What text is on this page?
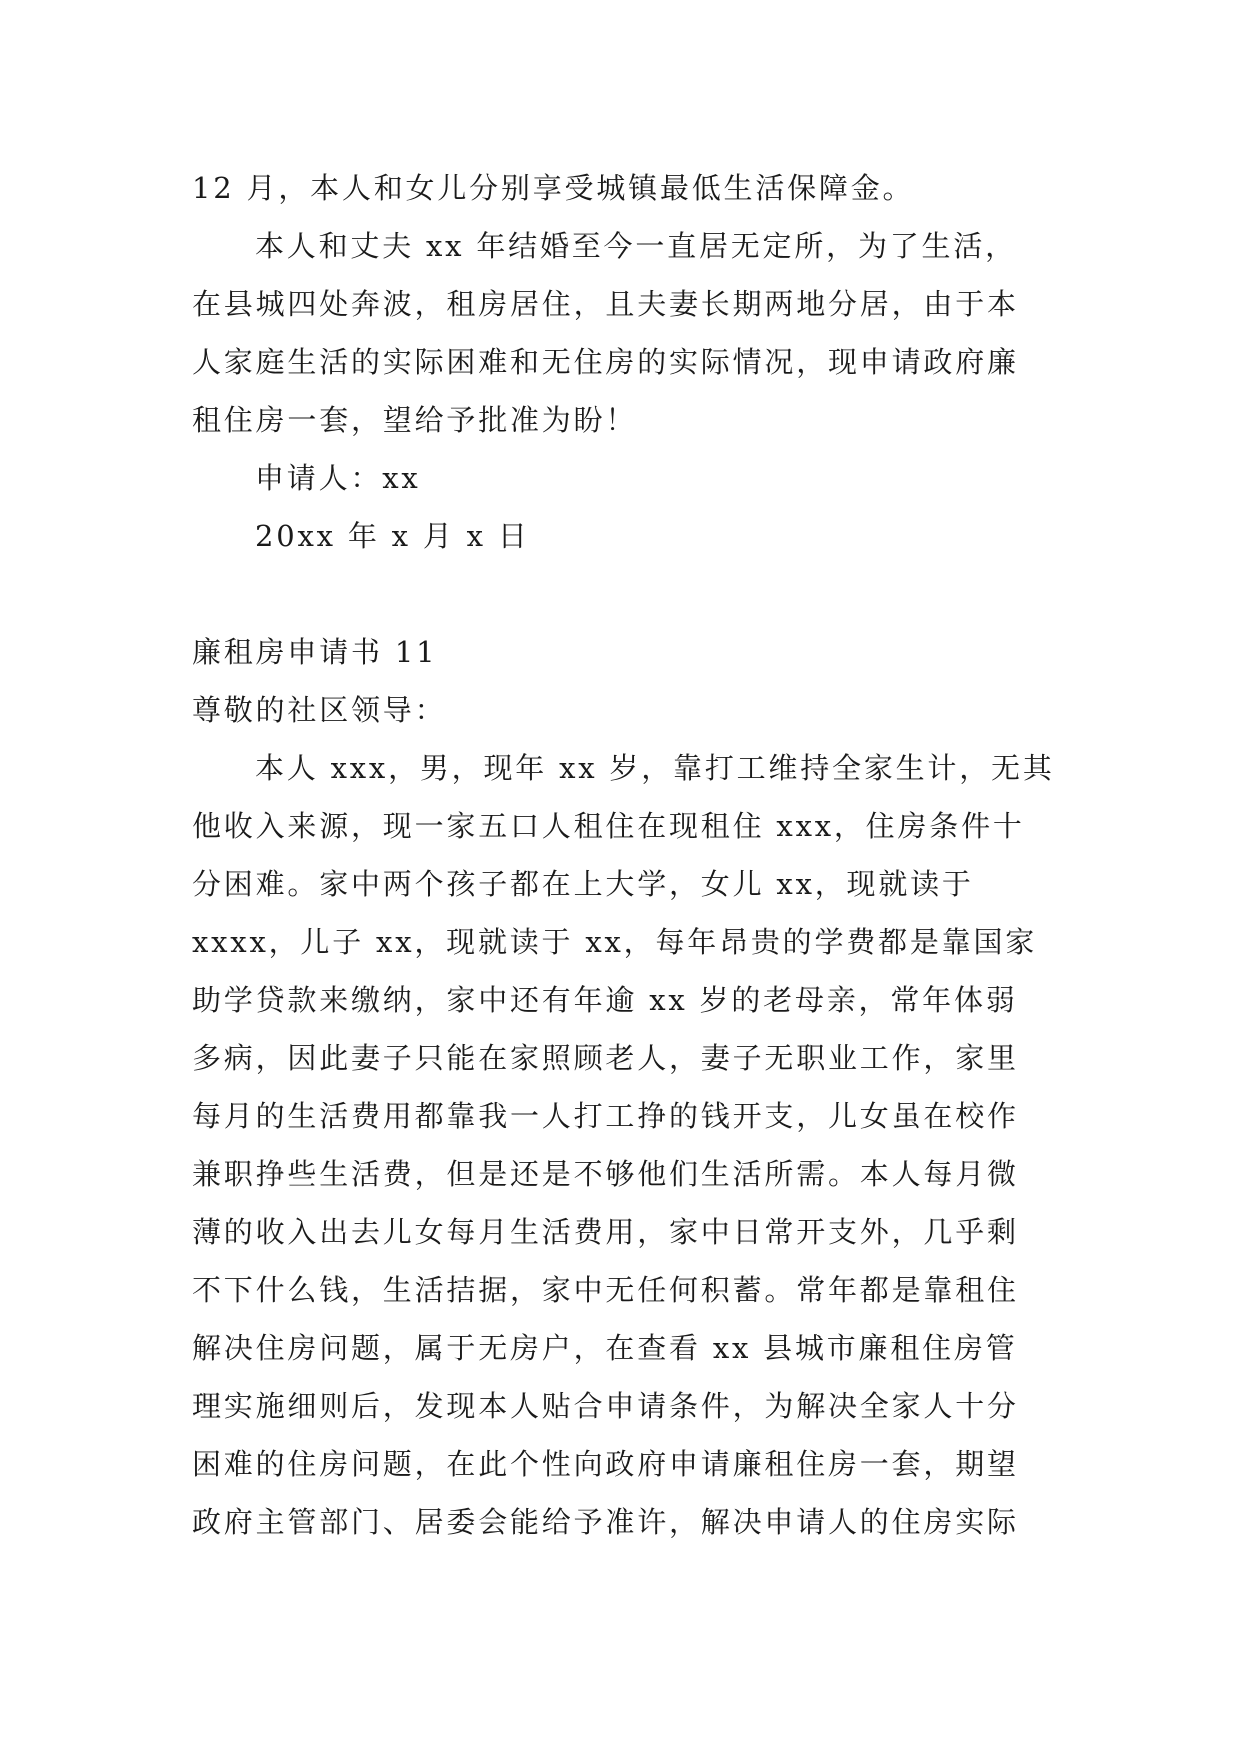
12 月，本人和女儿分别享受城镇最低生活保障金。
本人和丈夫 xx 年结婚至今一直居无定所，为了生活，
在县城四处奔波，租房居住，且夫妻长期两地分居，由于本
人家庭生活的实际困难和无住房的实际情况，现申请政府廉
租住房一套，望给予批准为盼！
申请人：xx
20xx 年 x 月 x 日
廉租房申请书 11
尊敬的社区领导：
本人 xxx，男，现年 xx 岁，靠打工维持全家生计，无其
他收入来源，现一家五口人租住在现租住 xxx，住房条件十
分困难。家中两个孩子都在上大学，女儿 xx，现就读于
xxxx，儿子 xx，现就读于 xx，每年昂贵的学费都是靠国家
助学贷款来缴纳，家中还有年逾 xx 岁的老母亲，常年体弱
多病，因此妻子只能在家照顾老人，妻子无职业工作，家里
每月的生活费用都靠我一人打工挣的钱开支，儿女虽在校作
兼职挣些生活费，但是还是不够他们生活所需。本人每月微
薄的收入出去儿女每月生活费用，家中日常开支外，几乎剩
不下什么钱，生活拮据，家中无任何积蓄。常年都是靠租住
解决住房问题，属于无房户，在查看 xx 县城市廉租住房管
理实施细则后，发现本人贴合申请条件，为解决全家人十分
困难的住房问题，在此个性向政府申请廉租住房一套，期望
政府主管部门、居委会能给予准许，解决申请人的住房实际
